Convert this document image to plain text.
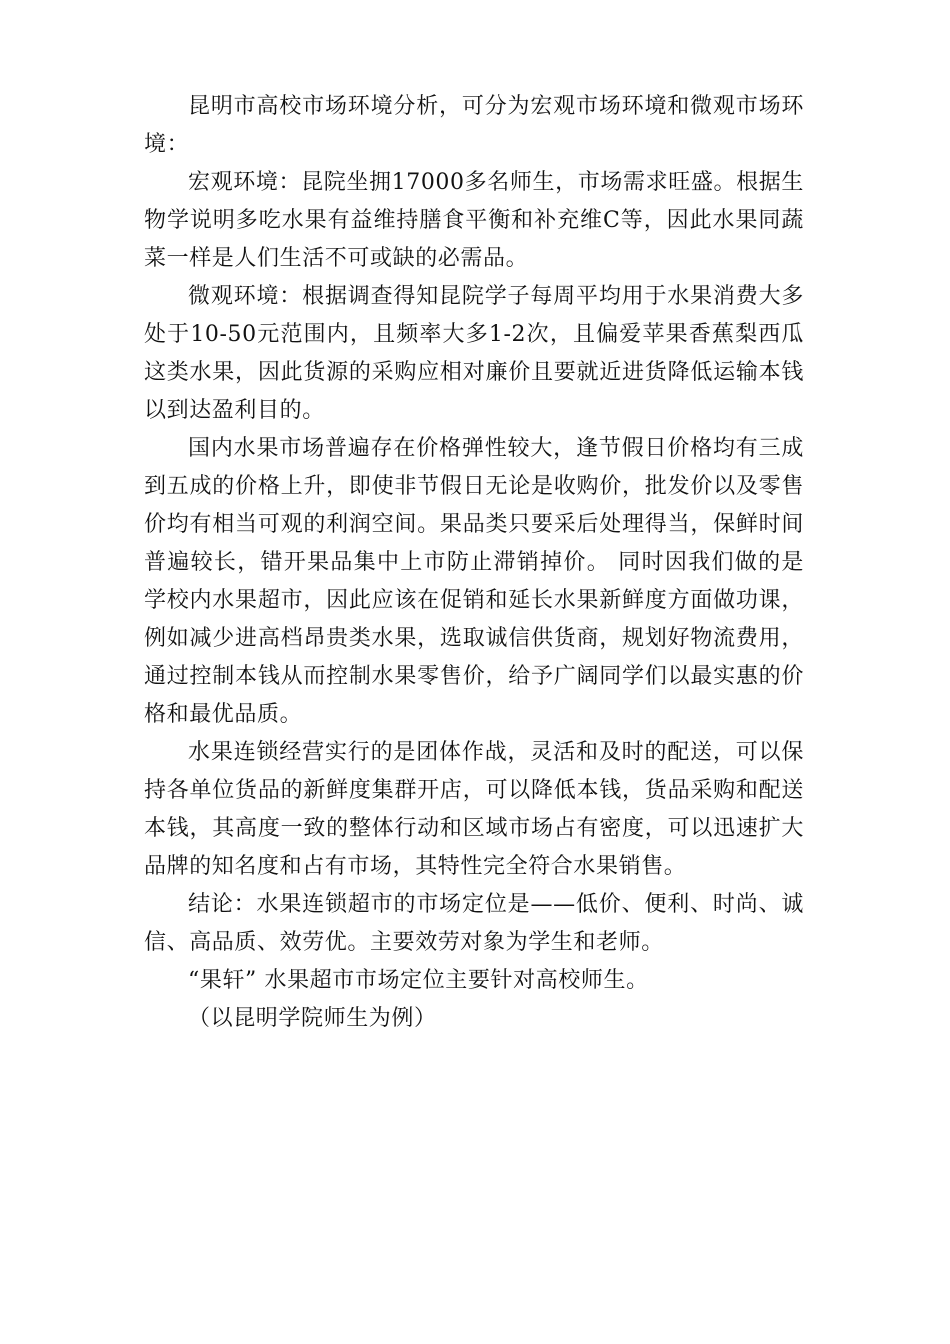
昆明市高校市场环境分析，可分为宏观市场环境和微观市场环境：

宏观环境：昆院坐拥17000多名师生，市场需求旺盛。根据生物学说明多吃水果有益维持膳食平衡和补充维C等，因此水果同蔬菜一样是人们生活不可或缺的必需品。

微观环境：根据调查得知昆院学子每周平均用于水果消费大多处于10-50元范围内，且频率大多1-2次，且偏爱苹果香蕉梨西瓜这类水果，因此货源的采购应相对廉价且要就近进货降低运输本钱以到达盈利目的。

国内水果市场普遍存在价格弹性较大，逢节假日价格均有三成到五成的价格上升，即使非节假日无论是收购价，批发价以及零售价均有相当可观的利润空间。果品类只要采后处理得当，保鲜时间普遍较长，错开果品集中上市防止滞销掉价。 同时因我们做的是学校内水果超市，因此应该在促销和延长水果新鲜度方面做功课，例如减少进高档昂贵类水果，选取诚信供货商，规划好物流费用，通过控制本钱从而控制水果零售价，给予广阔同学们以最实惠的价格和最优品质。

水果连锁经营实行的是团体作战，灵活和及时的配送，可以保持各单位货品的新鲜度集群开店，可以降低本钱，货品采购和配送本钱，其高度一致的整体行动和区域市场占有密度，可以迅速扩大品牌的知名度和占有市场，其特性完全符合水果销售。

结论：水果连锁超市的市场定位是——低价、便利、时尚、诚信、高品质、效劳优。主要效劳对象为学生和老师。

“果轩” 水果超市市场定位主要针对高校师生。

（以昆明学院师生为例）
